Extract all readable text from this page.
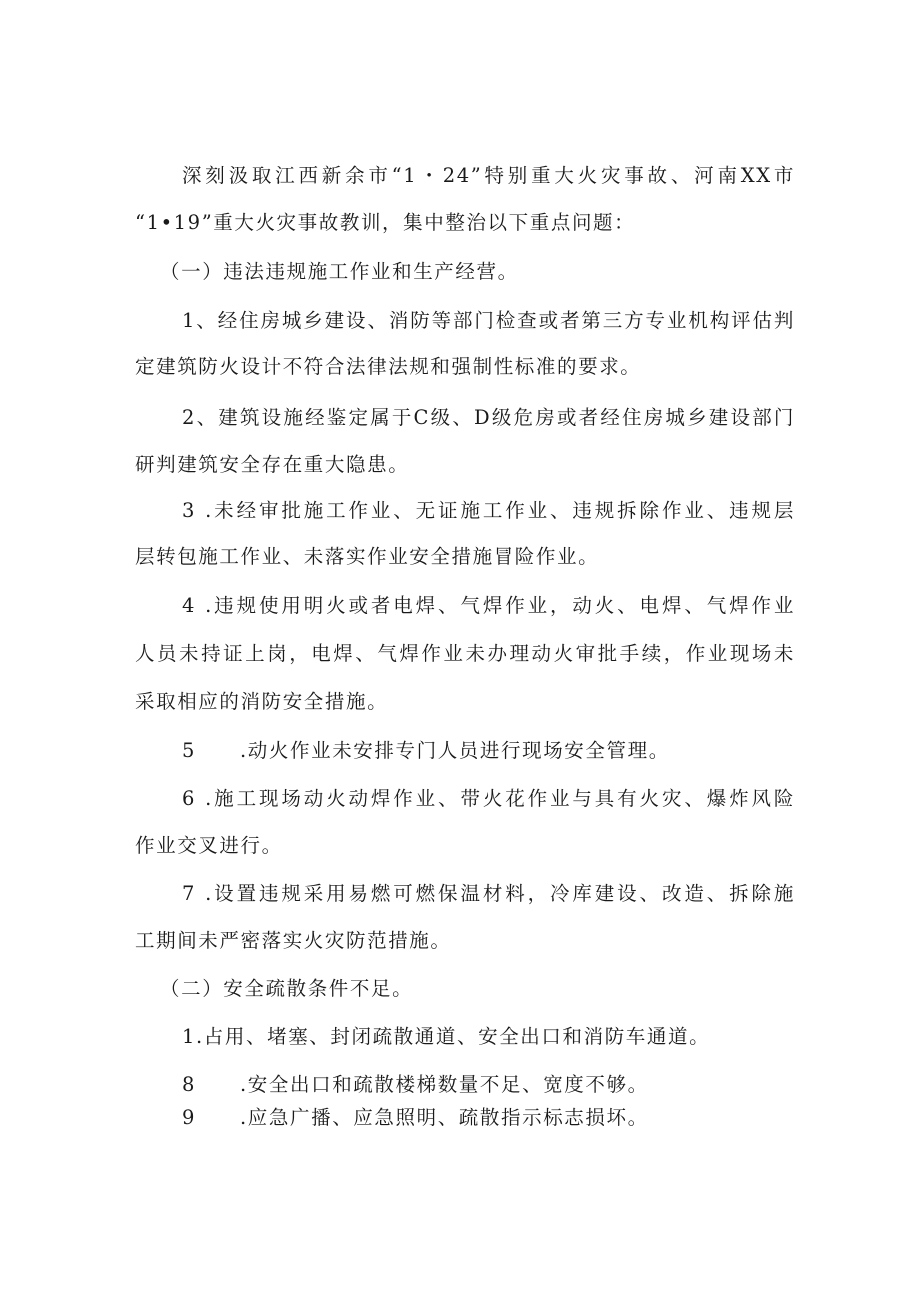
深刻汲取江西新余市“1・24”特别重大火灾事故、河南XX市
“1•19”重大火灾事故教训，集中整治以下重点问题：
（一）违法违规施工作业和生产经营。
1、经住房城乡建设、消防等部门检查或者第三方专业机构评估判
定建筑防火设计不符合法律法规和强制性标准的要求。
2、建筑设施经鉴定属于C级、D级危房或者经住房城乡建设部门
研判建筑安全存在重大隐患。
3 .未经审批施工作业、无证施工作业、违规拆除作业、违规层
层转包施工作业、未落实作业安全措施冒险作业。
4 .违规使用明火或者电焊、气焊作业，动火、电焊、气焊作业
人员未持证上岗，电焊、气焊作业未办理动火审批手续，作业现场未
采取相应的消防安全措施。
5 .动火作业未安排专门人员进行现场安全管理。
6 .施工现场动火动焊作业、带火花作业与具有火灾、爆炸风险
作业交叉进行。
7 .设置违规采用易燃可燃保温材料，冷库建设、改造、拆除施
工期间未严密落实火灾防范措施。
（二）安全疏散条件不足。
1.占用、堵塞、封闭疏散通道、安全出口和消防车通道。
8 .安全出口和疏散楼梯数量不足、宽度不够。
9 .应急广播、应急照明、疏散指示标志损坏。
